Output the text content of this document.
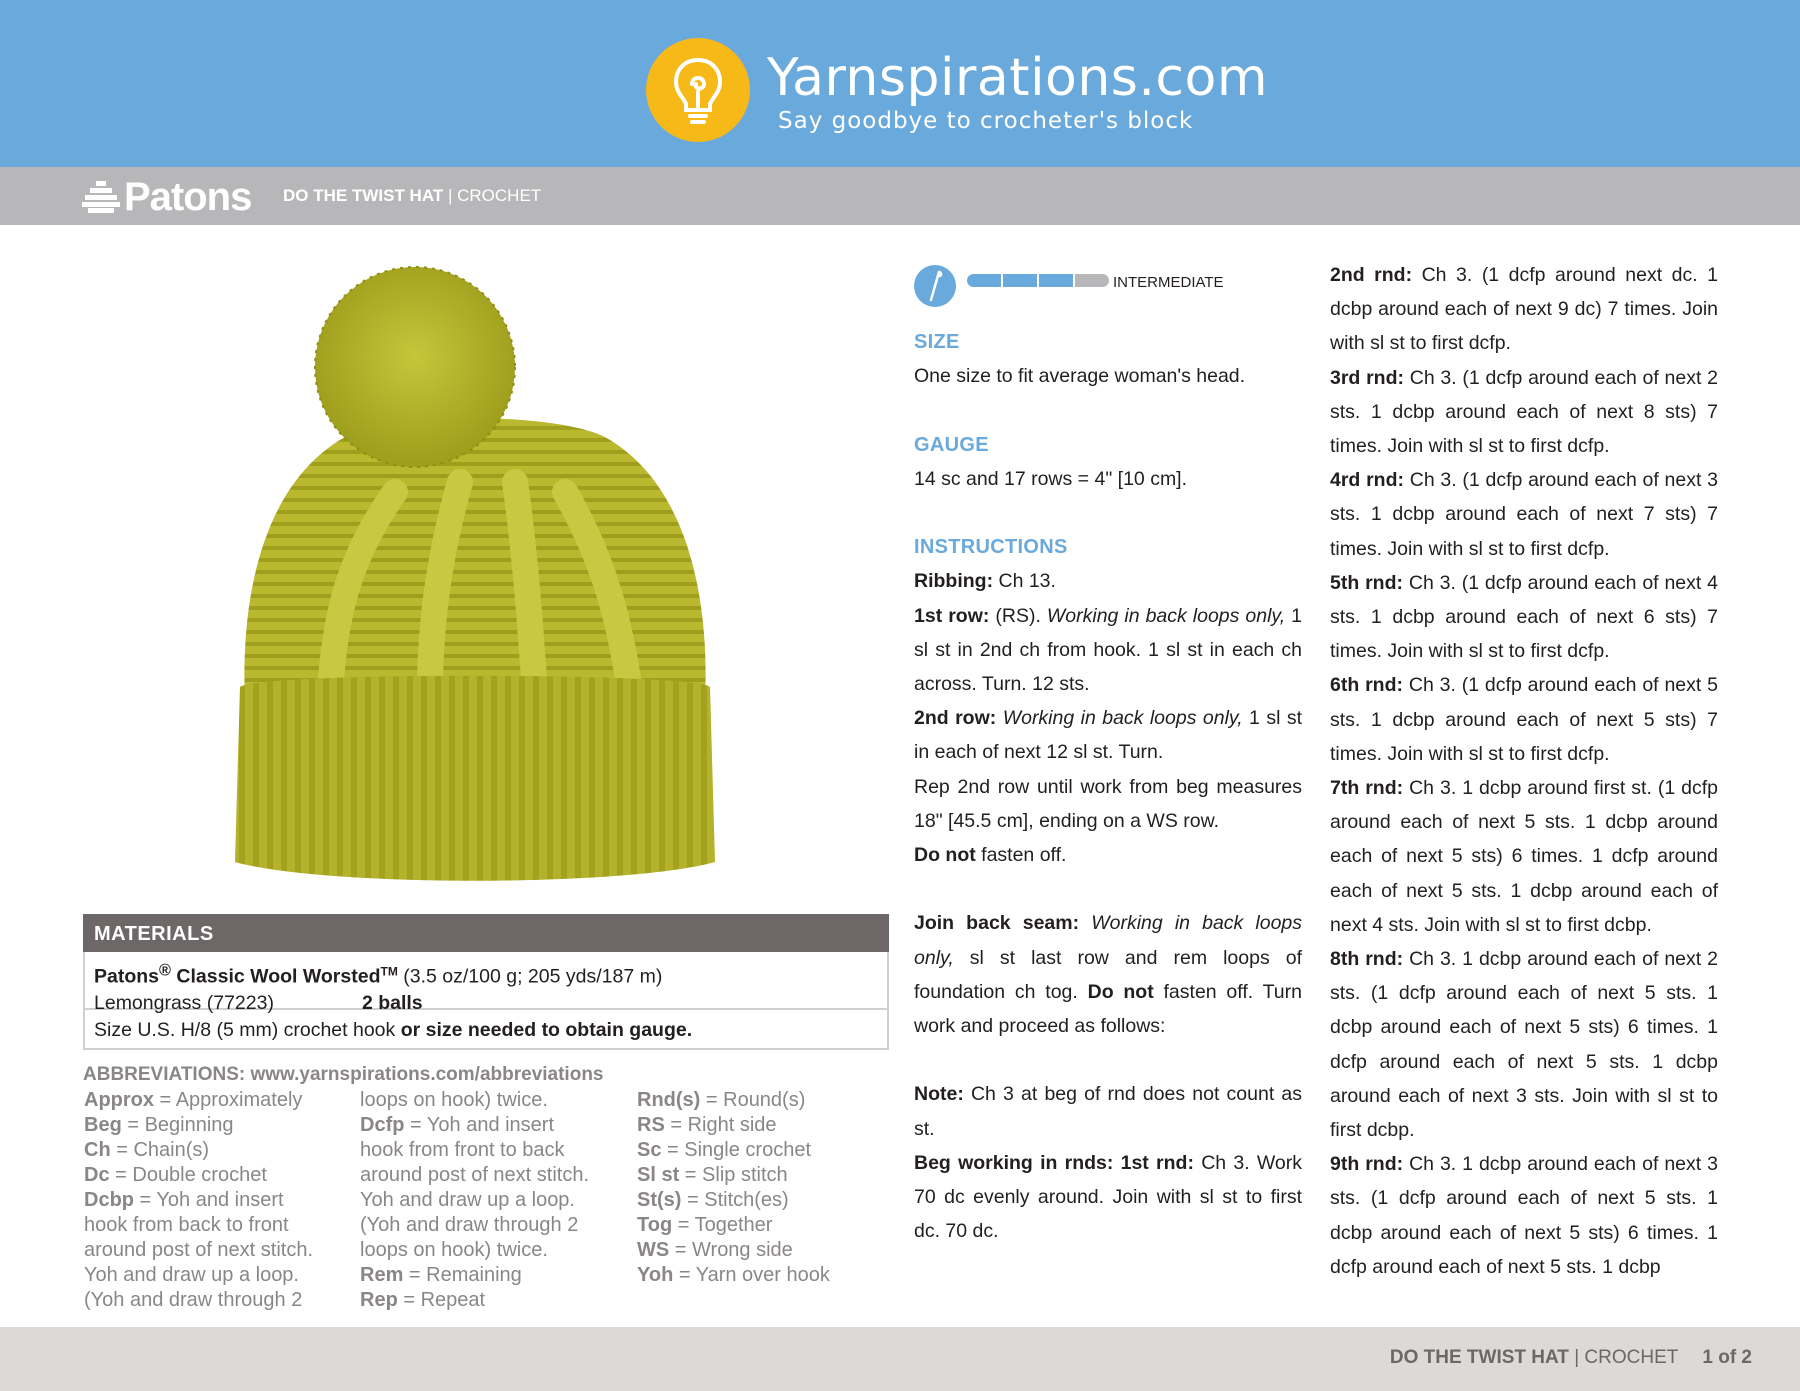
Yarnspirations.com
Say goodbye to crocheter's block
Patons DO THE TWIST HAT | CROCHET
MATERIALS
Patons® Classic Wool Worsted™ (3.5 oz/100 g; 205 yds/187 m)
Lemongrass (77223)	2 balls
Size U.S. H/8 (5 mm) crochet hook or size needed to obtain gauge.
ABBREVIATIONS: www.yarnspirations.com/abbreviations
Approx = Approximately
Beg = Beginning
Ch = Chain(s)
Dc = Double crochet
Dcbp = Yoh and insert
hook from back to front
around post of next stitch.
Yoh and draw up a loop.
(Yoh and draw through 2
loops on hook) twice.
Dcfp = Yoh and insert
hook from front to back
around post of next stitch.
Yoh and draw up a loop.
(Yoh and draw through 2
loops on hook) twice.
Rem = Remaining
Rep = Repeat
Rnd(s) = Round(s)
RS = Right side
Sc = Single crochet
Sl st = Slip stitch
St(s) = Stitch(es)
Tog = Together
WS = Wrong side
Yoh = Yarn over hook
INTERMEDIATE
SIZE

One size to fit average woman's head.

GAUGE

14 sc and 17 rows = 4" [10 cm].

INSTRUCTIONS

Ribbing: Ch 13.

1st row: (RS). Working in back loops only, 1 sl st in 2nd ch from hook. 1 sl st in each ch across. Turn. 12 sts.

2nd row: Working in back loops only, 1 sl st in each of next 12 sl st. Turn.

Rep 2nd row until work from beg measures 18" [45.5 cm], ending on a WS row.

Do not fasten off.

Join back seam: Working in back loops only, sl st last row and rem loops of foundation ch tog. Do not fasten off. Turn work and proceed as follows:

Note: Ch 3 at beg of rnd does not count as st.

Beg working in rnds: 1st rnd: Ch 3. Work 70 dc evenly around. Join with sl st to first dc. 70 dc.

2nd rnd: Ch 3. (1 dcfp around next dc. 1 dcbp around each of next 9 dc) 7 times. Join with sl st to first dcfp.

3rd rnd: Ch 3. (1 dcfp around each of next 2 sts. 1 dcbp around each of next 8 sts) 7 times. Join with sl st to first dcfp.

4rd rnd: Ch 3. (1 dcfp around each of next 3 sts. 1 dcbp around each of next 7 sts) 7 times. Join with sl st to first dcfp.

5th rnd: Ch 3. (1 dcfp around each of next 4 sts. 1 dcbp around each of next 6 sts) 7 times. Join with sl st to first dcfp.

6th rnd: Ch 3. (1 dcfp around each of next 5 sts. 1 dcbp around each of next 5 sts) 7 times. Join with sl st to first dcfp.

7th rnd: Ch 3. 1 dcbp around first st. (1 dcfp around each of next 5 sts. 1 dcbp around each of next 5 sts) 6 times. 1 dcfp around each of next 5 sts. 1 dcbp around each of next 4 sts. Join with sl st to first dcbp.

8th rnd: Ch 3. 1 dcbp around each of next 2 sts. (1 dcfp around each of next 5 sts. 1 dcbp around each of next 5 sts) 6 times. 1 dcfp around each of next 5 sts. 1 dcbp around each of next 3 sts. Join with sl st to first dcbp.

9th rnd: Ch 3. 1 dcbp around each of next 3 sts. (1 dcfp around each of next 5 sts. 1 dcbp around each of next 5 sts) 6 times. 1 dcfp around each of next 5 sts. 1 dcbp

DO THE TWIST HAT | CROCHET 1 of 2
